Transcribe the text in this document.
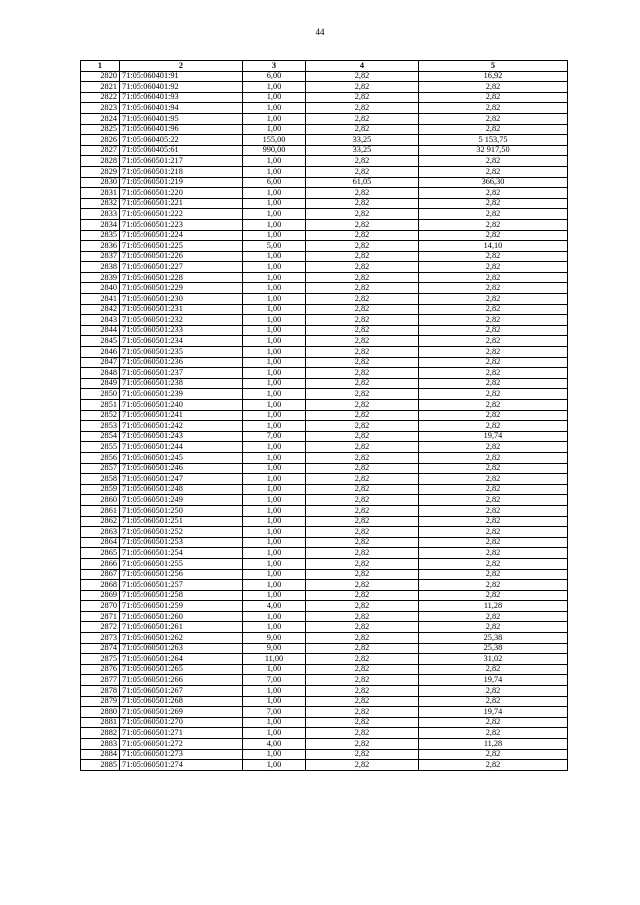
44
1	2	3	4	5
2820	71:05:060401:91	6,00	2,82	16,92
2821	71:05:060401:92	1,00	2,82	2,82
2822	71:05:060401:93	1,00	2,82	2,82
2823	71:05:060401:94	1,00	2,82	2,82
2824	71:05:060401:95	1,00	2,82	2,82
2825	71:05:060401:96	1,00	2,82	2,82
2826	71:05:060405:22	155,00	33,25	5 153,75
2827	71:05:060405:61	990,00	33,25	32 917,50
2828	71:05:060501:217	1,00	2,82	2,82
2829	71:05:060501:218	1,00	2,82	2,82
2830	71:05:060501:219	6,00	61,05	366,30
2831	71:05:060501:220	1,00	2,82	2,82
2832	71:05:060501:221	1,00	2,82	2,82
2833	71:05:060501:222	1,00	2,82	2,82
2834	71:05:060501:223	1,00	2,82	2,82
2835	71:05:060501:224	1,00	2,82	2,82
2836	71:05:060501:225	5,00	2,82	14,10
2837	71:05:060501:226	1,00	2,82	2,82
2838	71:05:060501:227	1,00	2,82	2,82
2839	71:05:060501:228	1,00	2,82	2,82
2840	71:05:060501:229	1,00	2,82	2,82
2841	71:05:060501:230	1,00	2,82	2,82
2842	71:05:060501:231	1,00	2,82	2,82
2843	71:05:060501:232	1,00	2,82	2,82
2844	71:05:060501:233	1,00	2,82	2,82
2845	71:05:060501:234	1,00	2,82	2,82
2846	71:05:060501:235	1,00	2,82	2,82
2847	71:05:060501:236	1,00	2,82	2,82
2848	71:05:060501:237	1,00	2,82	2,82
2849	71:05:060501:238	1,00	2,82	2,82
2850	71:05:060501:239	1,00	2,82	2,82
2851	71:05:060501:240	1,00	2,82	2,82
2852	71:05:060501:241	1,00	2,82	2,82
2853	71:05:060501:242	1,00	2,82	2,82
2854	71:05:060501:243	7,00	2,82	19,74
2855	71:05:060501:244	1,00	2,82	2,82
2856	71:05:060501:245	1,00	2,82	2,82
2857	71:05:060501:246	1,00	2,82	2,82
2858	71:05:060501:247	1,00	2,82	2,82
2859	71:05:060501:248	1,00	2,82	2,82
2860	71:05:060501:249	1,00	2,82	2,82
2861	71:05:060501:250	1,00	2,82	2,82
2862	71:05:060501:251	1,00	2,82	2,82
2863	71:05:060501:252	1,00	2,82	2,82
2864	71:05:060501:253	1,00	2,82	2,82
2865	71:05:060501:254	1,00	2,82	2,82
2866	71:05:060501:255	1,00	2,82	2,82
2867	71:05:060501:256	1,00	2,82	2,82
2868	71:05:060501:257	1,00	2,82	2,82
2869	71:05:060501:258	1,00	2,82	2,82
2870	71:05:060501:259	4,00	2,82	11,28
2871	71:05:060501:260	1,00	2,82	2,82
2872	71:05:060501:261	1,00	2,82	2,82
2873	71:05:060501:262	9,00	2,82	25,38
2874	71:05:060501:263	9,00	2,82	25,38
2875	71:05:060501:264	11,00	2,82	31,02
2876	71:05:060501:265	1,00	2,82	2,82
2877	71:05:060501:266	7,00	2,82	19,74
2878	71:05:060501:267	1,00	2,82	2,82
2879	71:05:060501:268	1,00	2,82	2,82
2880	71:05:060501:269	7,00	2,82	19,74
2881	71:05:060501:270	1,00	2,82	2,82
2882	71:05:060501:271	1,00	2,82	2,82
2883	71:05:060501:272	4,00	2,82	11,28
2884	71:05:060501:273	1,00	2,82	2,82
2885	71:05:060501:274	1,00	2,82	2,82
